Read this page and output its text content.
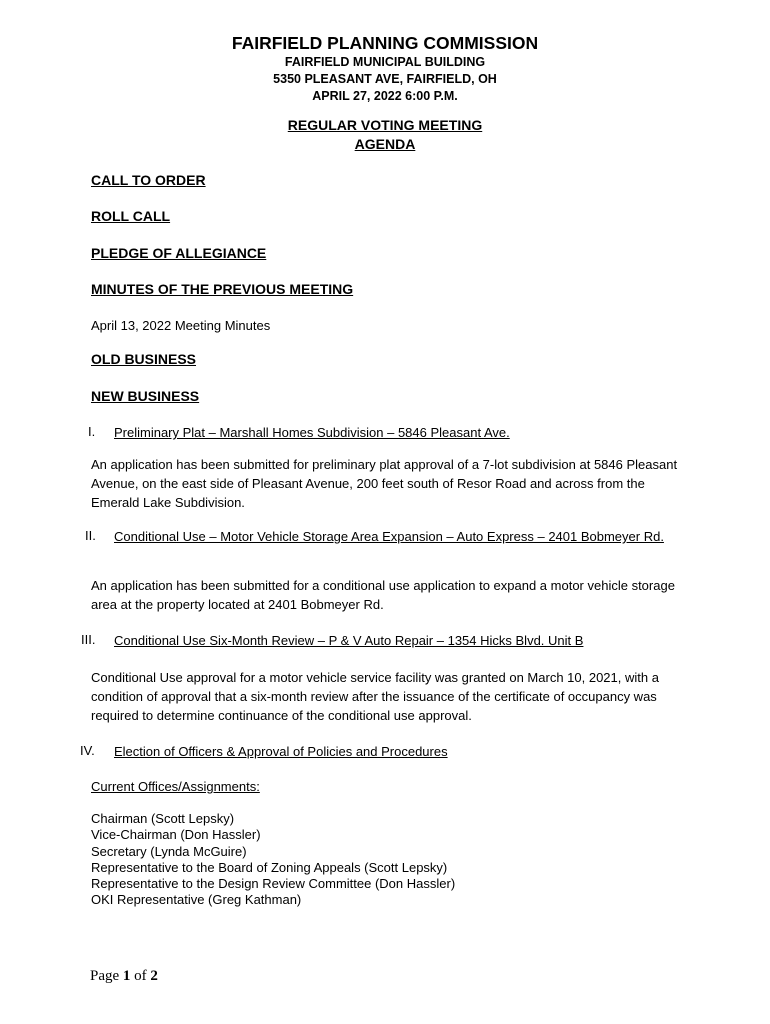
FAIRFIELD PLANNING COMMISSION
FAIRFIELD MUNICIPAL BUILDING
5350 PLEASANT AVE, FAIRFIELD, OH
APRIL 27, 2022 6:00 P.M.
REGULAR VOTING MEETING
AGENDA
CALL TO ORDER
ROLL CALL
PLEDGE OF ALLEGIANCE
MINUTES OF THE PREVIOUS MEETING
April 13, 2022 Meeting Minutes
OLD BUSINESS
NEW BUSINESS
I. Preliminary Plat – Marshall Homes Subdivision – 5846 Pleasant Ave.
An application has been submitted for preliminary plat approval of a 7-lot subdivision at 5846 Pleasant Avenue, on the east side of Pleasant Avenue, 200 feet south of Resor Road and across from the Emerald Lake Subdivision.
II. Conditional Use – Motor Vehicle Storage Area Expansion – Auto Express – 2401 Bobmeyer Rd.
An application has been submitted for a conditional use application to expand a motor vehicle storage area at the property located at 2401 Bobmeyer Rd.
III. Conditional Use Six-Month Review – P & V Auto Repair – 1354 Hicks Blvd. Unit B
Conditional Use approval for a motor vehicle service facility was granted on March 10, 2021, with a condition of approval that a six-month review after the issuance of the certificate of occupancy was required to determine continuance of the conditional use approval.
IV. Election of Officers & Approval of Policies and Procedures
Current Offices/Assignments:
Chairman (Scott Lepsky)
Vice-Chairman (Don Hassler)
Secretary (Lynda McGuire)
Representative to the Board of Zoning Appeals (Scott Lepsky)
Representative to the Design Review Committee (Don Hassler)
OKI Representative (Greg Kathman)
Page 1 of 2
